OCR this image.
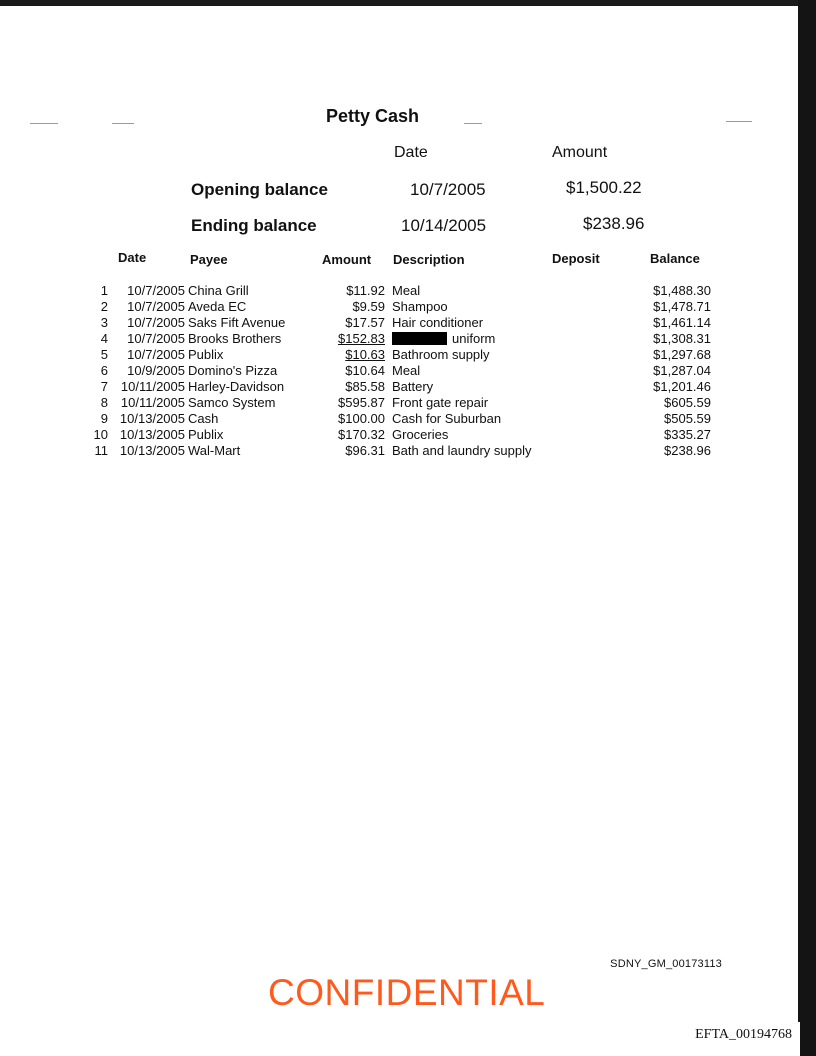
Petty Cash
Date	Amount
Opening balance	10/7/2005	$1,500.22
Ending balance	10/14/2005	$238.96
Date	Payee	Amount Description	Deposit	Balance
1 10/7/2005 China Grill	$11.92 Meal	$1,488.30
2 10/7/2005 Aveda EC	$9.59 Shampoo	$1,478.71
3 10/7/2005 Saks Fift Avenue	$17.57 Hair conditioner	$1,461.14
4 10/7/2005 Brooks Brothers	$152.83	uniform	$1,308.31
5 10/7/2005 Publix	$10.63 Bathroom supply	$1,297.68
6 10/9/2005 Domino's Pizza	$10.64 Meal	$1,287.04
7 10/11/2005 Harley-Davidson	$85.58 Battery	$1,201.46
8 10/11/2005 Samco System	$595.87 Front gate repair	$605.59
9 10/13/2005 Cash	$100.00 Cash for Suburban	$505.59
10 10/13/2005 Publix	$170.32 Groceries	$335.27
11 10/13/2005 Wal-Mart	$96.31 Bath and laundry supply	$238.96
SDNY_GM_00173113
CONFIDENTIAL
EFTA_00194768
